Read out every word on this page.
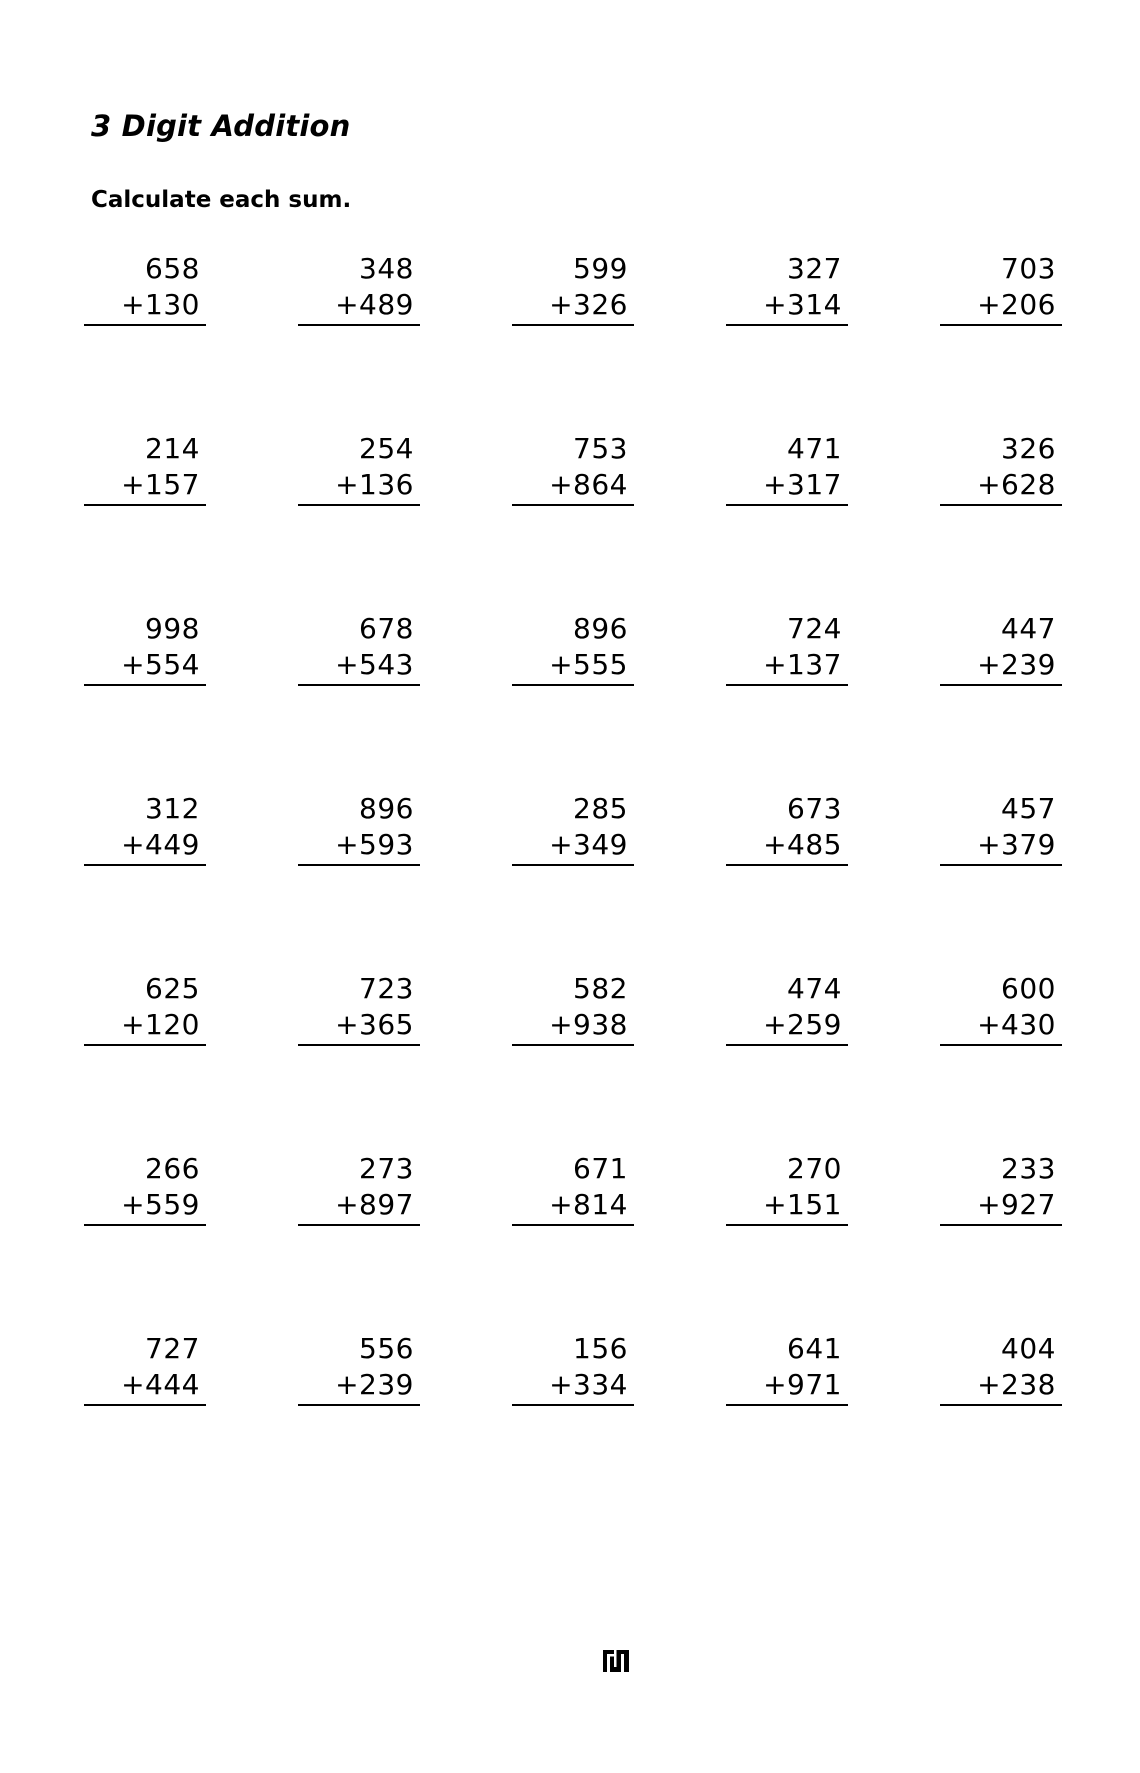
3 Digit Addition

Calculate each sum.

658
+130
348
+489
599
+326
327
+314
703
+206
214
+157
254
+136
753
+864
471
+317
326
+628
998
+554
678
+543
896
+555
724
+137
447
+239
312
+449
896
+593
285
+349
673
+485
457
+379
625
+120
723
+365
582
+938
474
+259
600
+430
266
+559
273
+897
671
+814
270
+151
233
+927
727
+444
556
+239
156
+334
641
+971
404
+238
